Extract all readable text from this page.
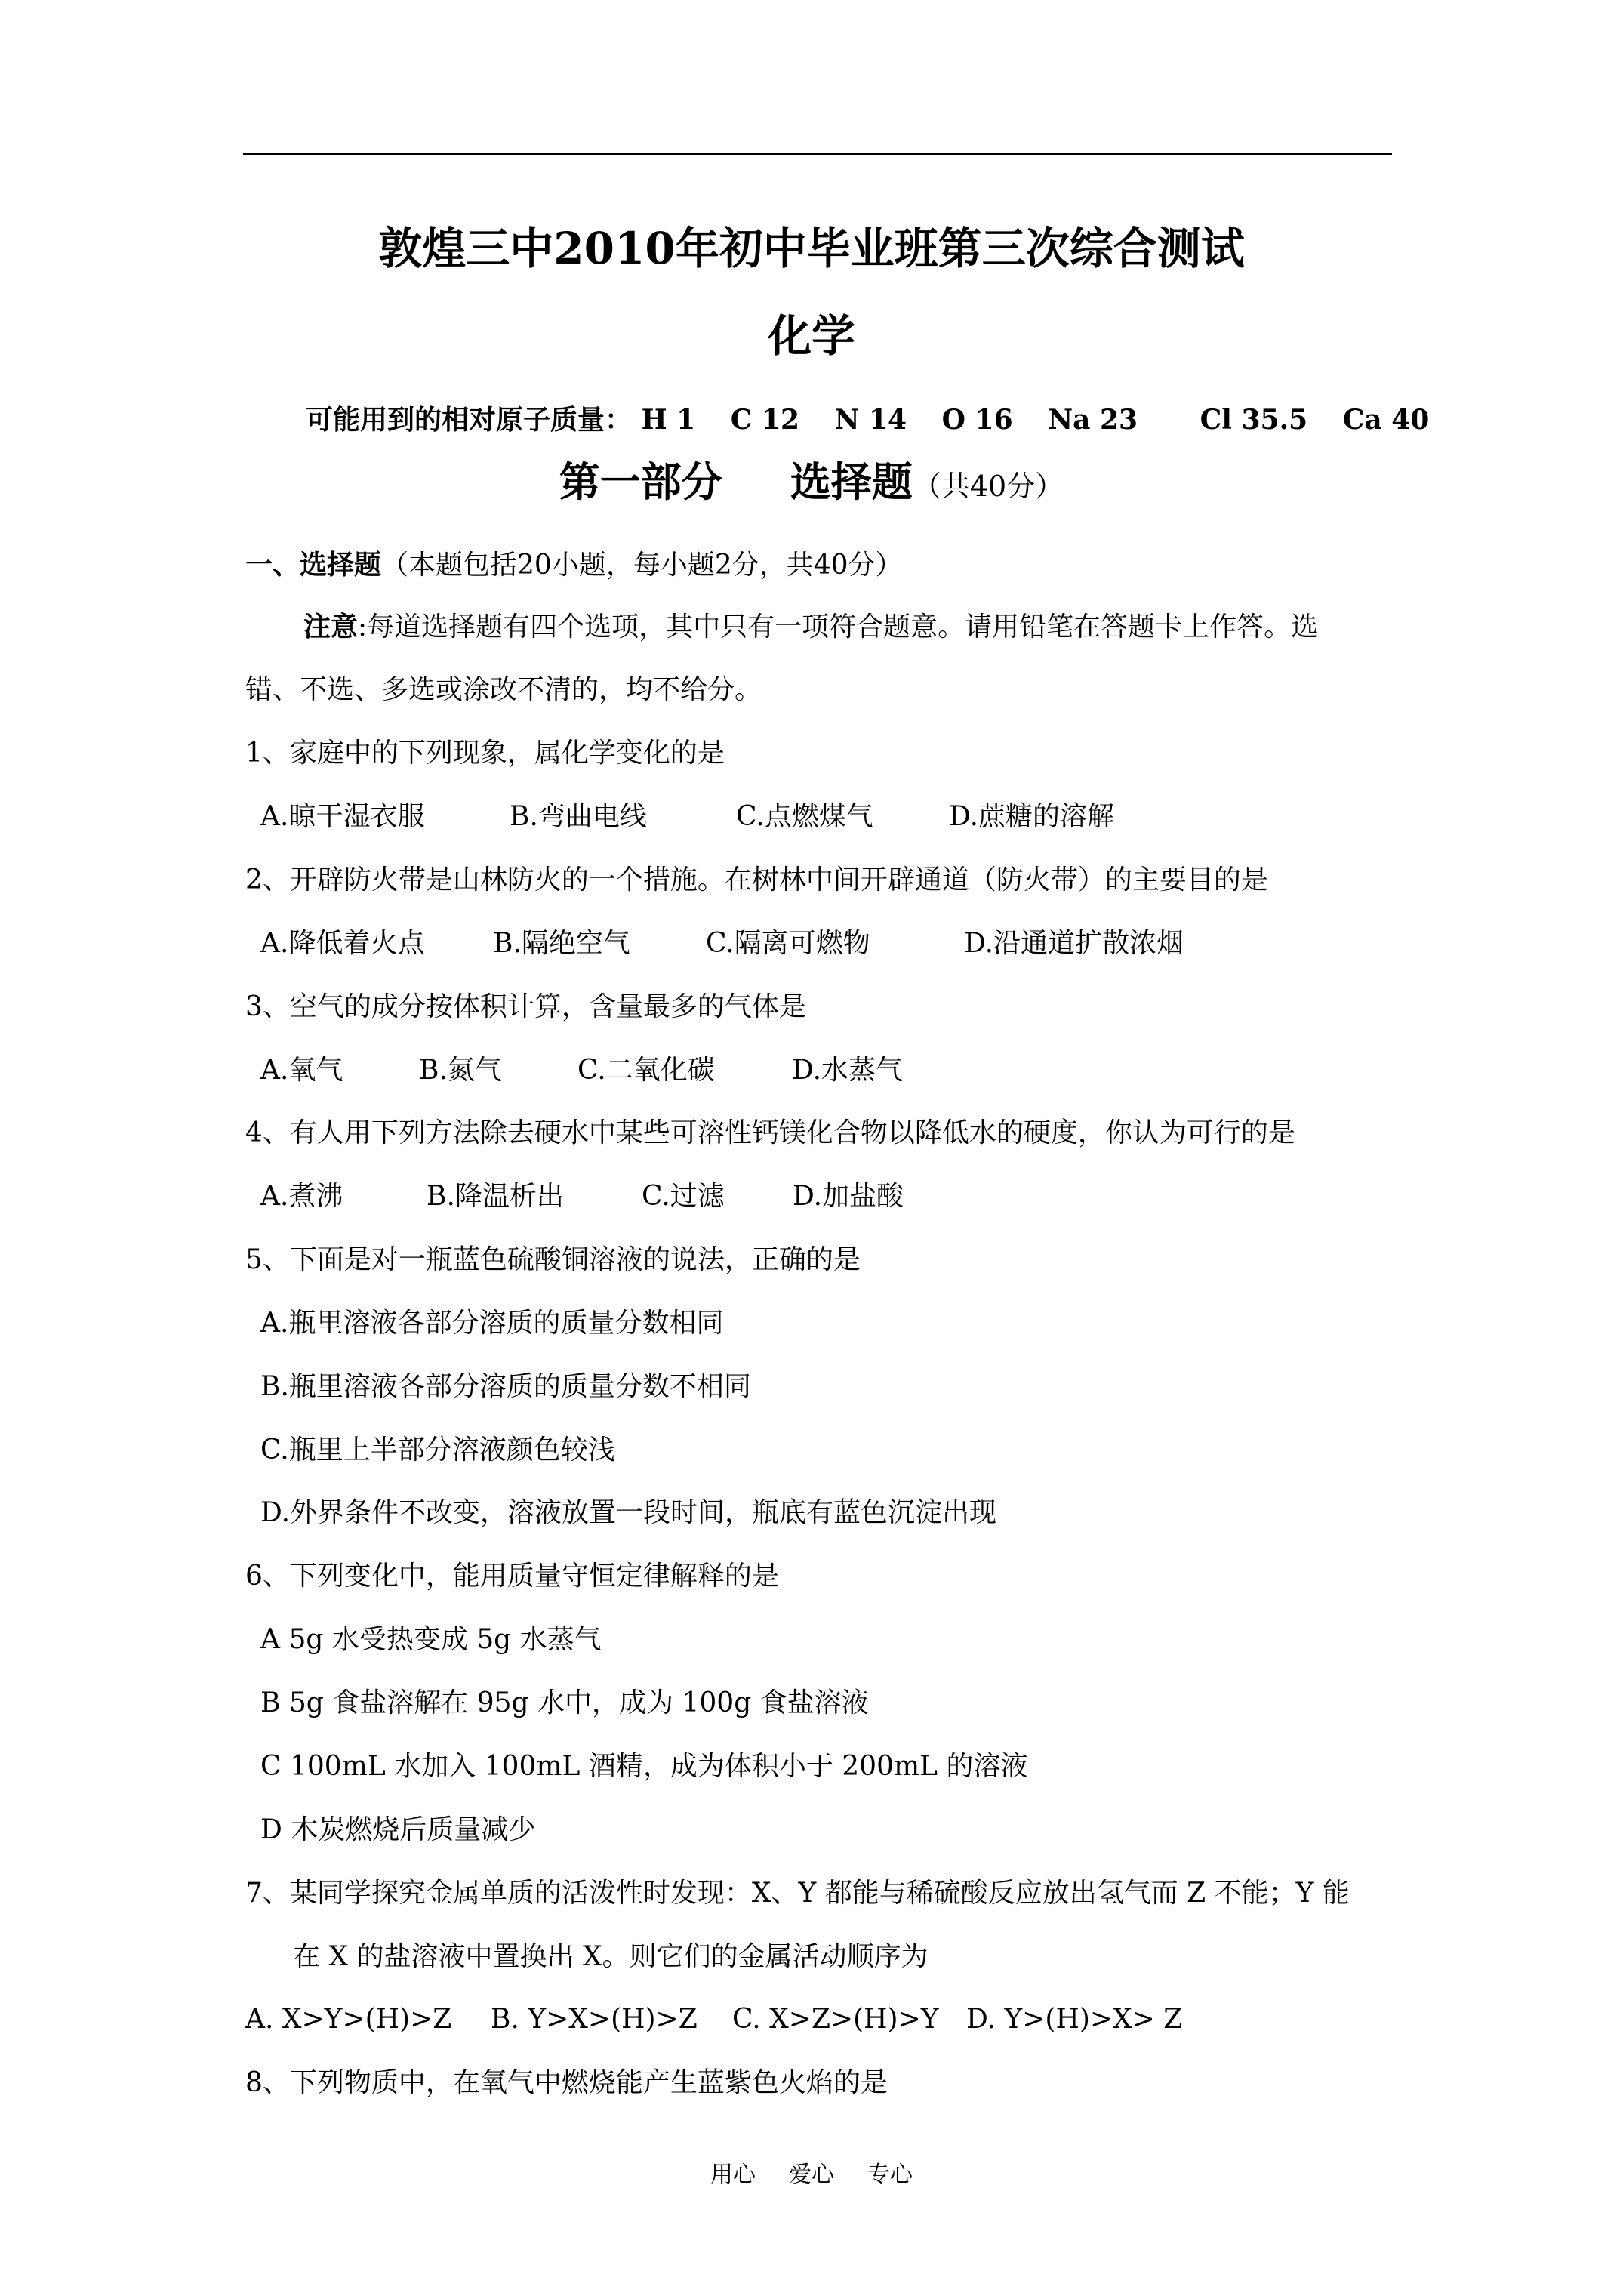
敦煌三中2010年初中毕业班第三次综合测试
化学
可能用到的相对原子质量： H 1 C 12 N 14 O 16 Na 23 Cl 35.5 Ca 40
第一部分 选择题（共40分）
一、选择题（本题包括20小题，每小题2分，共40分）
注意:每道选择题有四个选项，其中只有一项符合题意。请用铅笔在答题卡上作答。选
错、不选、多选或涂改不清的，均不给分。
1、家庭中的下列现象，属化学变化的是
A.晾干湿衣服	B.弯曲电线	C.点燃煤气	D.蔗糖的溶解
2、开辟防火带是山林防火的一个措施。在树林中间开辟通道（防火带）的主要目的是
A.降低着火点	B.隔绝空气	C.隔离可燃物	D.沿通道扩散浓烟
3、空气的成分按体积计算，含量最多的气体是
A.氧气	B.氮气	C.二氧化碳	D.水蒸气
4、有人用下列方法除去硬水中某些可溶性钙镁化合物以降低水的硬度，你认为可行的是
A.煮沸	B.降温析出	C.过滤	D.加盐酸
5、下面是对一瓶蓝色硫酸铜溶液的说法，正确的是
A.瓶里溶液各部分溶质的质量分数相同
B.瓶里溶液各部分溶质的质量分数不相同
C.瓶里上半部分溶液颜色较浅
D.外界条件不改变，溶液放置一段时间，瓶底有蓝色沉淀出现
6、下列变化中，能用质量守恒定律解释的是
A 5g 水受热变成 5g 水蒸气
B 5g 食盐溶解在 95g 水中，成为 100g 食盐溶液
C 100mL 水加入 100mL 酒精，成为体积小于 200mL 的溶液
D 木炭燃烧后质量减少
7、某同学探究金属单质的活泼性时发现：X、Y 都能与稀硫酸反应放出氢气而 Z 不能；Y 能
在 X 的盐溶液中置换出 X。则它们的金属活动顺序为
A. X>Y>(H)>Z B. Y>X>(H)>Z C. X>Z>(H)>Y D. Y>(H)>X> Z
8、下列物质中，在氧气中燃烧能产生蓝紫色火焰的是
用心 爱心 专心
